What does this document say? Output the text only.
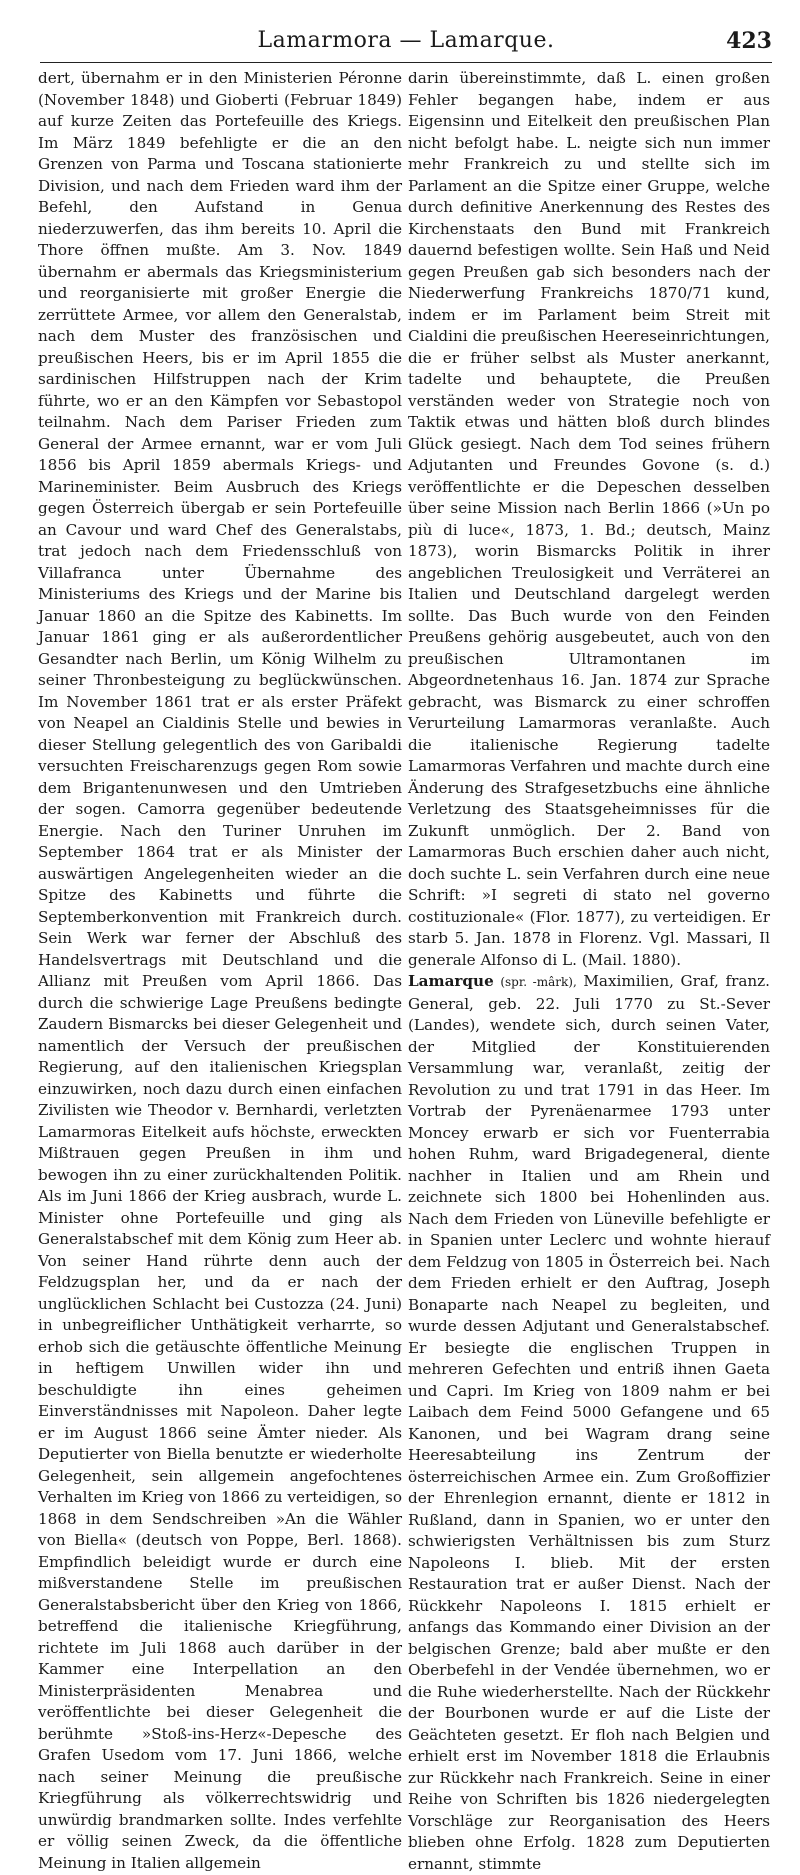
Lamarmora — Lamarque.	423

dert, übernahm er in den Ministerien Péronne (November 1848) und Gioberti (Februar 1849) auf kurze Zeiten das Portefeuille des Kriegs. Im März 1849 befehligte er die an den Grenzen von Parma und Toscana stationierte Division, und nach dem Frieden ward ihm der Befehl, den Aufstand in Genua niederzuwerfen, das ihm bereits 10. April die Thore öffnen mußte. Am 3. Nov. 1849 übernahm er abermals das Kriegsministerium und reorganisierte mit großer Energie die zerrüttete Armee, vor allem den Generalstab, nach dem Muster des französischen und preußischen Heers, bis er im April 1855 die sardinischen Hilfstruppen nach der Krim führte, wo er an den Kämpfen vor Sebastopol teilnahm. Nach dem Pariser Frieden zum General der Armee ernannt, war er vom Juli 1856 bis April 1859 abermals Kriegs- und Marineminister. Beim Ausbruch des Kriegs gegen Österreich übergab er sein Portefeuille an Cavour und ward Chef des Generalstabs, trat jedoch nach dem Friedensschluß von Villafranca unter Übernahme des Ministeriums des Kriegs und der Marine bis Januar 1860 an die Spitze des Kabinetts. Im Januar 1861 ging er als außerordentlicher Gesandter nach Berlin, um König Wilhelm zu seiner Thronbesteigung zu beglückwünschen. Im November 1861 trat er als erster Präfekt von Neapel an Cialdinis Stelle und bewies in dieser Stellung gelegentlich des von Garibaldi versuchten Freischarenzugs gegen Rom sowie dem Brigantenunwesen und den Umtrieben der sogen. Camorra gegenüber bedeutende Energie. Nach den Turiner Unruhen im September 1864 trat er als Minister der auswärtigen Angelegenheiten wieder an die Spitze des Kabinetts und führte die Septemberkonvention mit Frankreich durch. Sein Werk war ferner der Abschluß des Handelsvertrags mit Deutschland und die Allianz mit Preußen vom April 1866. Das durch die schwierige Lage Preußens bedingte Zaudern Bismarcks bei dieser Gelegenheit und namentlich der Versuch der preußischen Regierung, auf den italienischen Kriegsplan einzuwirken, noch dazu durch einen einfachen Zivilisten wie Theodor v. Bernhardi, verletzten Lamarmoras Eitelkeit aufs höchste, erweckten Mißtrauen gegen Preußen in ihm und bewogen ihn zu einer zurückhaltenden Politik. Als im Juni 1866 der Krieg ausbrach, wurde L. Minister ohne Portefeuille und ging als Generalstabschef mit dem König zum Heer ab. Von seiner Hand rührte denn auch der Feldzugsplan her, und da er nach der unglücklichen Schlacht bei Custozza (24. Juni) in unbegreiflicher Unthätigkeit verharrte, so erhob sich die getäuschte öffentliche Meinung in heftigem Unwillen wider ihn und beschuldigte ihn eines geheimen Einverständnisses mit Napoleon. Daher legte er im August 1866 seine Ämter nieder. Als Deputierter von Biella benutzte er wiederholte Gelegenheit, sein allgemein angefochtenes Verhalten im Krieg von 1866 zu verteidigen, so 1868 in dem Sendschreiben »An die Wähler von Biella« (deutsch von Poppe, Berl. 1868). Empfindlich beleidigt wurde er durch eine mißverstandene Stelle im preußischen Generalstabsbericht über den Krieg von 1866, betreffend die italienische Kriegführung, richtete im Juli 1868 auch darüber in der Kammer eine Interpellation an den Ministerpräsidenten Menabrea und veröffentlichte bei dieser Gelegenheit die berühmte »Stoß-ins-Herz«-Depesche des Grafen Usedom vom 17. Juni 1866, welche nach seiner Meinung die preußische Kriegführung als völkerrechtswidrig und unwürdig brandmarken sollte. Indes verfehlte er völlig seinen Zweck, da die öffentliche Meinung in Italien allgemein

darin übereinstimmte, daß L. einen großen Fehler begangen habe, indem er aus Eigensinn und Eitelkeit den preußischen Plan nicht befolgt habe. L. neigte sich nun immer mehr Frankreich zu und stellte sich im Parlament an die Spitze einer Gruppe, welche durch definitive Anerkennung des Restes des Kirchenstaats den Bund mit Frankreich dauernd befestigen wollte. Sein Haß und Neid gegen Preußen gab sich besonders nach der Niederwerfung Frankreichs 1870/71 kund, indem er im Parlament beim Streit mit Cialdini die preußischen Heereseinrichtungen, die er früher selbst als Muster anerkannt, tadelte und behauptete, die Preußen verständen weder von Strategie noch von Taktik etwas und hätten bloß durch blindes Glück gesiegt. Nach dem Tod seines frühern Adjutanten und Freundes Govone (s. d.) veröffentlichte er die Depeschen desselben über seine Mission nach Berlin 1866 (»Un po più di luce«, 1873, 1. Bd.; deutsch, Mainz 1873), worin Bismarcks Politik in ihrer angeblichen Treulosigkeit und Verräterei an Italien und Deutschland dargelegt werden sollte. Das Buch wurde von den Feinden Preußens gehörig ausgebeutet, auch von den preußischen Ultramontanen im Abgeordnetenhaus 16. Jan. 1874 zur Sprache gebracht, was Bismarck zu einer schroffen Verurteilung Lamarmoras veranlaßte. Auch die italienische Regierung tadelte Lamarmoras Verfahren und machte durch eine Änderung des Strafgesetzbuchs eine ähnliche Verletzung des Staatsgeheimnisses für die Zukunft unmöglich. Der 2. Band von Lamarmoras Buch erschien daher auch nicht, doch suchte L. sein Verfahren durch eine neue Schrift: »I segreti di stato nel governo costituzionale« (Flor. 1877), zu verteidigen. Er starb 5. Jan. 1878 in Florenz. Vgl. Massari, Il generale Alfonso di L. (Mail. 1880).

Lamarque (spr. -mârk), Maximilien, Graf, franz. General, geb. 22. Juli 1770 zu St.-Sever (Landes), wendete sich, durch seinen Vater, der Mitglied der Konstituierenden Versammlung war, veranlaßt, zeitig der Revolution zu und trat 1791 in das Heer. Im Vortrab der Pyrenäenarmee 1793 unter Moncey erwarb er sich vor Fuenterrabia hohen Ruhm, ward Brigadegeneral, diente nachher in Italien und am Rhein und zeichnete sich 1800 bei Hohenlinden aus. Nach dem Frieden von Lüneville befehligte er in Spanien unter Leclerc und wohnte hierauf dem Feldzug von 1805 in Österreich bei. Nach dem Frieden erhielt er den Auftrag, Joseph Bonaparte nach Neapel zu begleiten, und wurde dessen Adjutant und Generalstabschef. Er besiegte die englischen Truppen in mehreren Gefechten und entriß ihnen Gaeta und Capri. Im Krieg von 1809 nahm er bei Laibach dem Feind 5000 Gefangene und 65 Kanonen, und bei Wagram drang seine Heeresabteilung ins Zentrum der österreichischen Armee ein. Zum Großoffizier der Ehrenlegion ernannt, diente er 1812 in Rußland, dann in Spanien, wo er unter den schwierigsten Verhältnissen bis zum Sturz Napoleons I. blieb. Mit der ersten Restauration trat er außer Dienst. Nach der Rückkehr Napoleons I. 1815 erhielt er anfangs das Kommando einer Division an der belgischen Grenze; bald aber mußte er den Oberbefehl in der Vendée übernehmen, wo er die Ruhe wiederherstellte. Nach der Rückkehr der Bourbonen wurde er auf die Liste der Geächteten gesetzt. Er floh nach Belgien und erhielt erst im November 1818 die Erlaubnis zur Rückkehr nach Frankreich. Seine in einer Reihe von Schriften bis 1826 niedergelegten Vorschläge zur Reorganisation des Heers blieben ohne Erfolg. 1828 zum Deputierten ernannt, stimmte
